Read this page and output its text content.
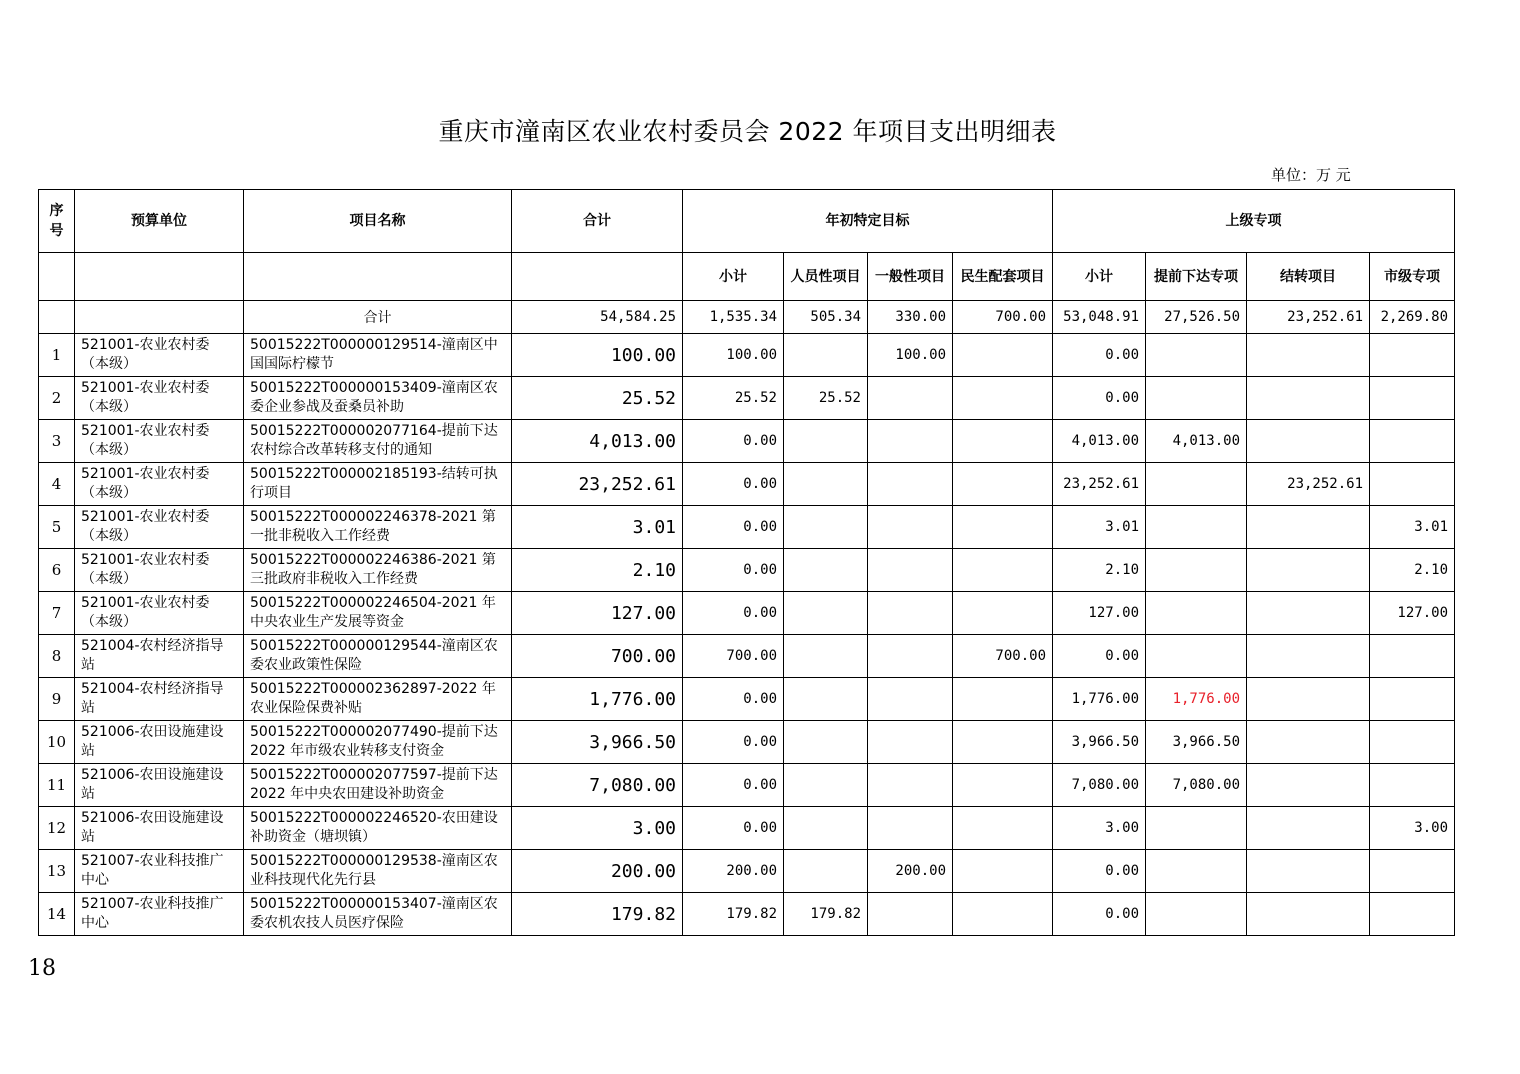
重庆市潼南区农业农村委员会 2022 年项目支出明细表
单位：万 元
序号	预算单位	项目名称	合计	年初特定目标				上级专项			
				小计	人员性项目	一般性项目	民生配套项目	小计	提前下达专项	结转项目	市级专项
		合计	54,584.25	1,535.34	505.34	330.00	700.00	53,048.91	27,526.50	23,252.61	2,269.80
1	521001-农业农村委（本级）	50015222T000000129514-潼南区中国国际柠檬节	100.00	100.00		100.00		0.00			
2	521001-农业农村委（本级）	50015222T000000153409-潼南区农委企业参战及蚕桑员补助	25.52	25.52	25.52			0.00			
3	521001-农业农村委（本级）	50015222T000002077164-提前下达农村综合改革转移支付的通知	4,013.00	0.00				4,013.00	4,013.00		
4	521001-农业农村委（本级）	50015222T000002185193-结转可执行项目	23,252.61	0.00				23,252.61		23,252.61	
5	521001-农业农村委（本级）	50015222T000002246378-2021 第一批非税收入工作经费	3.01	0.00				3.01			3.01
6	521001-农业农村委（本级）	50015222T000002246386-2021 第三批政府非税收入工作经费	2.10	0.00				2.10			2.10
7	521001-农业农村委（本级）	50015222T000002246504-2021 年中央农业生产发展等资金	127.00	0.00				127.00			127.00
8	521004-农村经济指导站	50015222T000000129544-潼南区农委农业政策性保险	700.00	700.00			700.00	0.00			
9	521004-农村经济指导站	50015222T000002362897-2022 年农业保险保费补贴	1,776.00	0.00				1,776.00	1,776.00		
10	521006-农田设施建设站	50015222T000002077490-提前下达 2022 年市级农业转移支付资金	3,966.50	0.00				3,966.50	3,966.50		
11	521006-农田设施建设站	50015222T000002077597-提前下达 2022 年中央农田建设补助资金	7,080.00	0.00				7,080.00	7,080.00		
12	521006-农田设施建设站	50015222T000002246520-农田建设补助资金（塘坝镇）	3.00	0.00				3.00			3.00
13	521007-农业科技推广中心	50015222T000000129538-潼南区农业科技现代化先行县	200.00	200.00		200.00		0.00			
14	521007-农业科技推广中心	50015222T000000153407-潼南区农委农机农技人员医疗保险	179.82	179.82	179.82			0.00			
18
